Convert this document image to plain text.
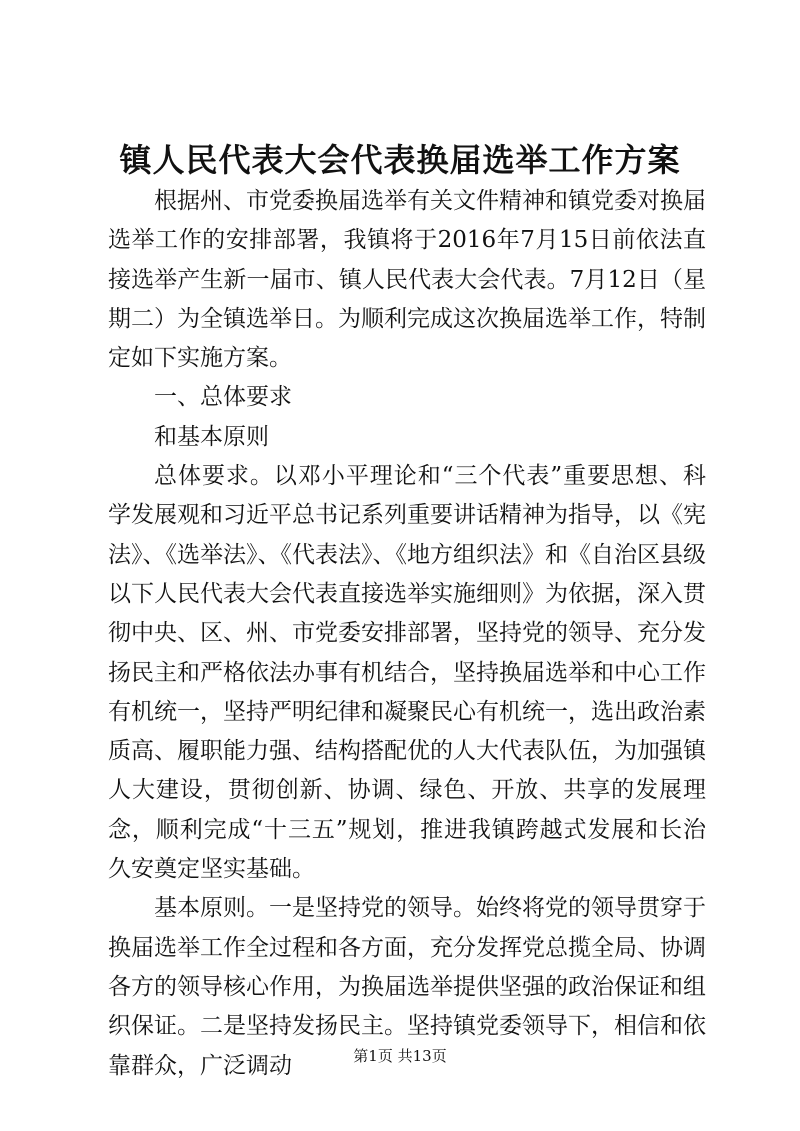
镇人民代表大会代表换届选举工作方案

根据州、市党委换届选举有关文件精神和镇党委对换届选举工作的安排部署，我镇将于2016年7月15日前依法直接选举产生新一届市、镇人民代表大会代表。7月12日（星期二）为全镇选举日。为顺利完成这次换届选举工作，特制定如下实施方案。

一、总体要求

和基本原则

总体要求。以邓小平理论和“三个代表”重要思想、科学发展观和习近平总书记系列重要讲话精神为指导，以《宪法》、《选举法》、《代表法》、《地方组织法》和《自治区县级以下人民代表大会代表直接选举实施细则》为依据，深入贯彻中央、区、州、市党委安排部署，坚持党的领导、充分发扬民主和严格依法办事有机结合，坚持换届选举和中心工作有机统一，坚持严明纪律和凝聚民心有机统一，选出政治素质高、履职能力强、结构搭配优的人大代表队伍，为加强镇人大建设，贯彻创新、协调、绿色、开放、共享的发展理念，顺利完成“十三五”规划，推进我镇跨越式发展和长治久安奠定坚实基础。

基本原则。一是坚持党的领导。始终将党的领导贯穿于换届选举工作全过程和各方面，充分发挥党总揽全局、协调各方的领导核心作用，为换届选举提供坚强的政治保证和组织保证。二是坚持发扬民主。坚持镇党委领导下，相信和依靠群众，广泛调动	第1页 共13页
